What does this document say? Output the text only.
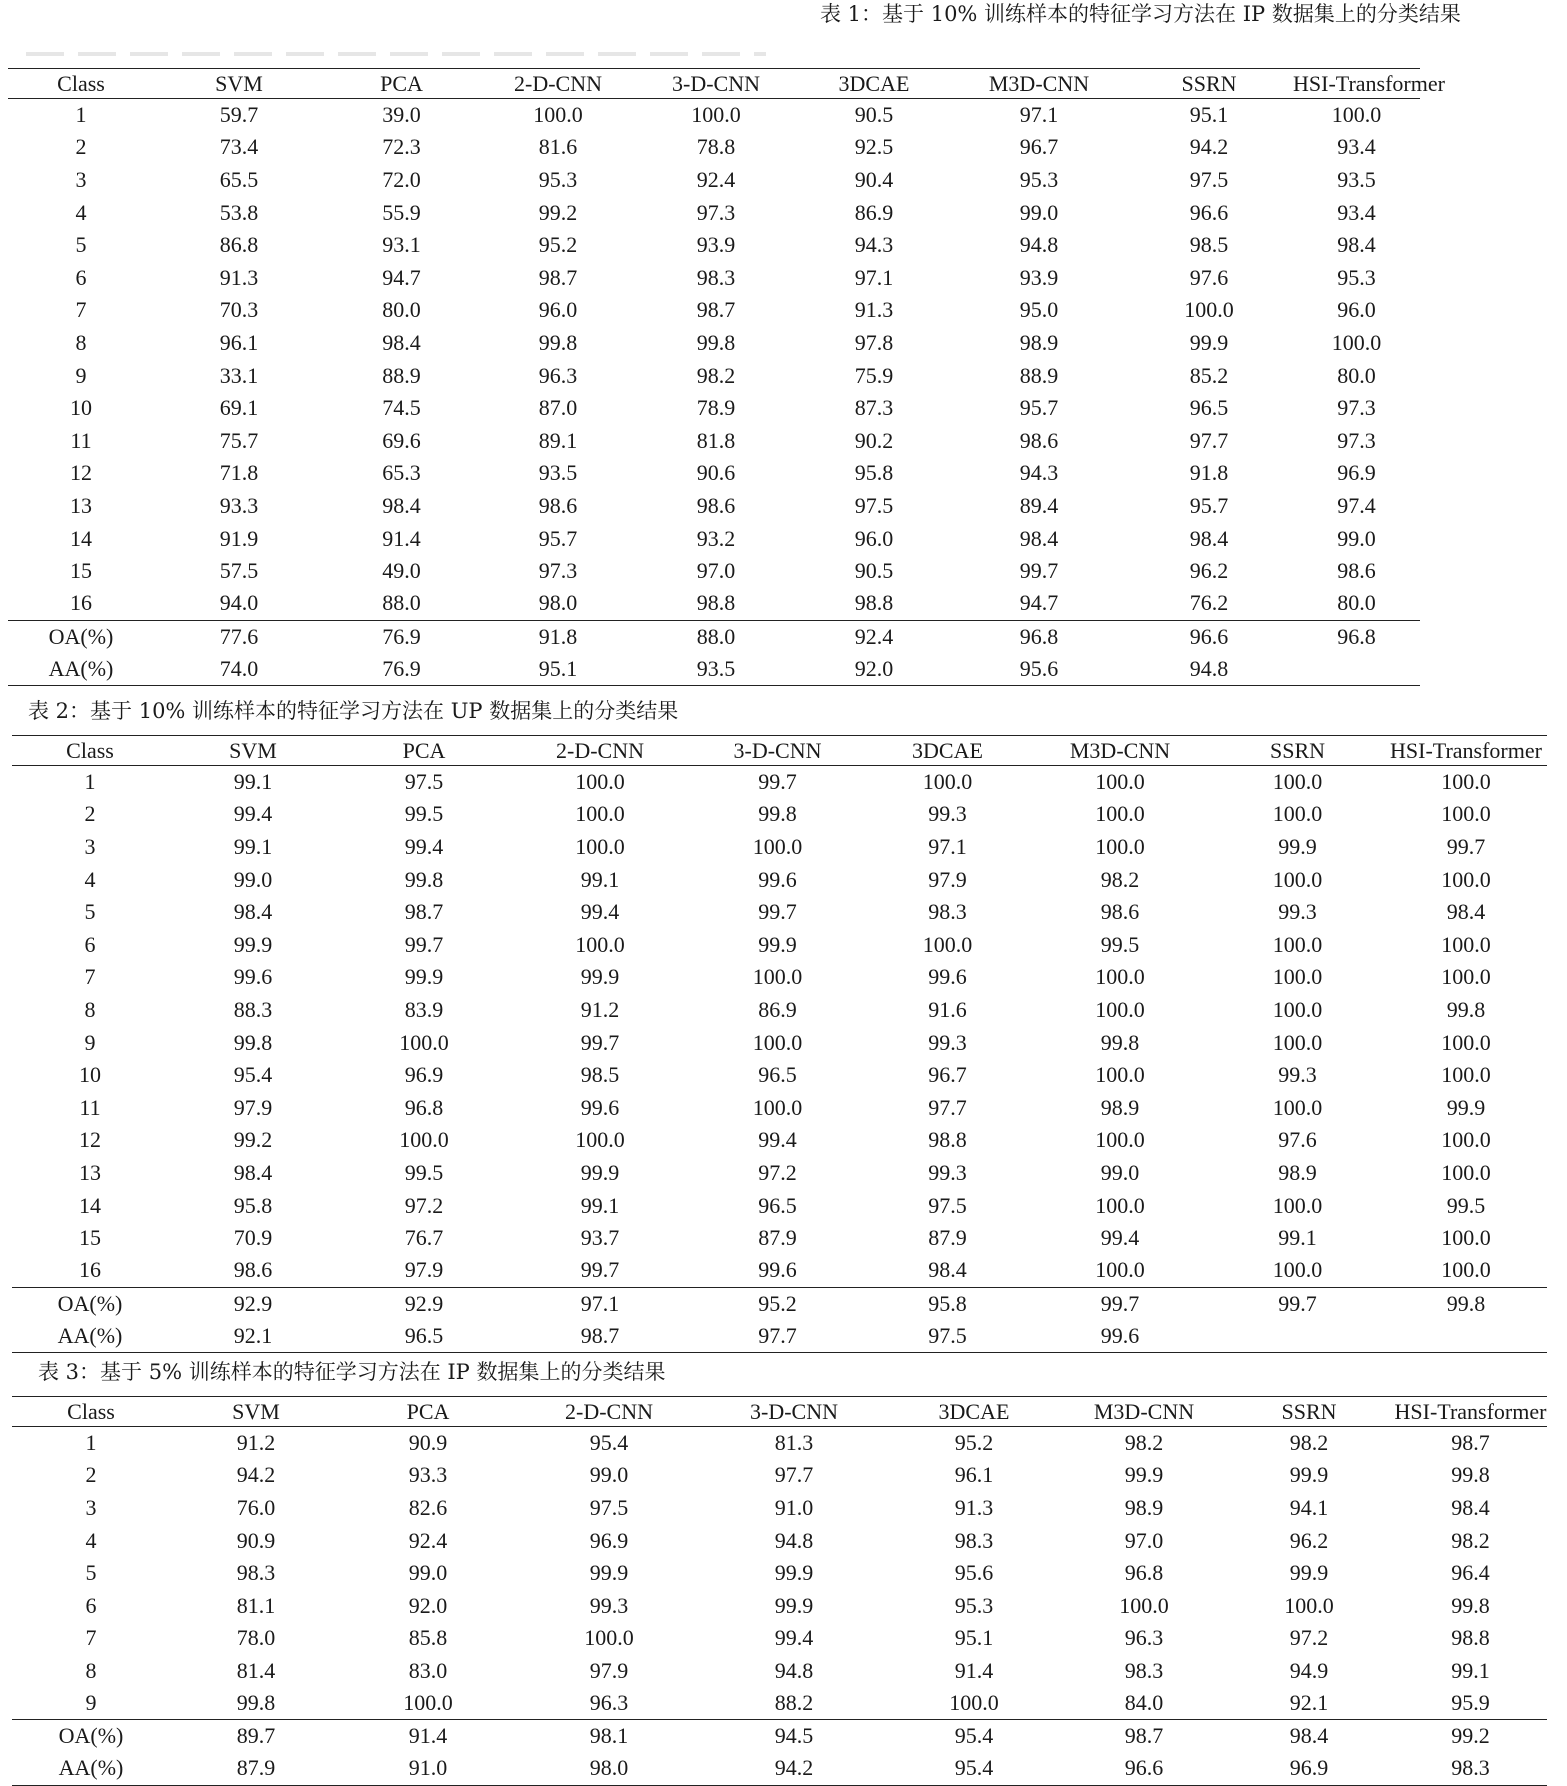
表 1：基于 10% 训练样本的特征学习方法在 IP 数据集上的分类结果
Class	SVM	PCA	2-D-CNN	3-D-CNN	3DCAE	M3D-CNN	SSRN	HSI-Transformer
1	59.7	39.0	100.0	100.0	90.5	97.1	95.1	100.0
2	73.4	72.3	81.6	78.8	92.5	96.7	94.2	93.4
3	65.5	72.0	95.3	92.4	90.4	95.3	97.5	93.5
4	53.8	55.9	99.2	97.3	86.9	99.0	96.6	93.4
5	86.8	93.1	95.2	93.9	94.3	94.8	98.5	98.4
6	91.3	94.7	98.7	98.3	97.1	93.9	97.6	95.3
7	70.3	80.0	96.0	98.7	91.3	95.0	100.0	96.0
8	96.1	98.4	99.8	99.8	97.8	98.9	99.9	100.0
9	33.1	88.9	96.3	98.2	75.9	88.9	85.2	80.0
10	69.1	74.5	87.0	78.9	87.3	95.7	96.5	97.3
11	75.7	69.6	89.1	81.8	90.2	98.6	97.7	97.3
12	71.8	65.3	93.5	90.6	95.8	94.3	91.8	96.9
13	93.3	98.4	98.6	98.6	97.5	89.4	95.7	97.4
14	91.9	91.4	95.7	93.2	96.0	98.4	98.4	99.0
15	57.5	49.0	97.3	97.0	90.5	99.7	96.2	98.6
16	94.0	88.0	98.0	98.8	98.8	94.7	76.2	80.0
OA(%)	77.6	76.9	91.8	88.0	92.4	96.8	96.6	96.8
AA(%)	74.0	76.9	95.1	93.5	92.0	95.6	94.8	
表 2：基于 10% 训练样本的特征学习方法在 UP 数据集上的分类结果
Class	SVM	PCA	2-D-CNN	3-D-CNN	3DCAE	M3D-CNN	SSRN	HSI-Transformer
1	99.1	97.5	100.0	99.7	100.0	100.0	100.0	100.0
2	99.4	99.5	100.0	99.8	99.3	100.0	100.0	100.0
3	99.1	99.4	100.0	100.0	97.1	100.0	99.9	99.7
4	99.0	99.8	99.1	99.6	97.9	98.2	100.0	100.0
5	98.4	98.7	99.4	99.7	98.3	98.6	99.3	98.4
6	99.9	99.7	100.0	99.9	100.0	99.5	100.0	100.0
7	99.6	99.9	99.9	100.0	99.6	100.0	100.0	100.0
8	88.3	83.9	91.2	86.9	91.6	100.0	100.0	99.8
9	99.8	100.0	99.7	100.0	99.3	99.8	100.0	100.0
10	95.4	96.9	98.5	96.5	96.7	100.0	99.3	100.0
11	97.9	96.8	99.6	100.0	97.7	98.9	100.0	99.9
12	99.2	100.0	100.0	99.4	98.8	100.0	97.6	100.0
13	98.4	99.5	99.9	97.2	99.3	99.0	98.9	100.0
14	95.8	97.2	99.1	96.5	97.5	100.0	100.0	99.5
15	70.9	76.7	93.7	87.9	87.9	99.4	99.1	100.0
16	98.6	97.9	99.7	99.6	98.4	100.0	100.0	100.0
OA(%)	92.9	92.9	97.1	95.2	95.8	99.7	99.7	99.8
AA(%)	92.1	96.5	98.7	97.7	97.5	99.6		
表 3：基于 5% 训练样本的特征学习方法在 IP 数据集上的分类结果
Class	SVM	PCA	2-D-CNN	3-D-CNN	3DCAE	M3D-CNN	SSRN	HSI-Transformer
1	91.2	90.9	95.4	81.3	95.2	98.2	98.2	98.7
2	94.2	93.3	99.0	97.7	96.1	99.9	99.9	99.8
3	76.0	82.6	97.5	91.0	91.3	98.9	94.1	98.4
4	90.9	92.4	96.9	94.8	98.3	97.0	96.2	98.2
5	98.3	99.0	99.9	99.9	95.6	96.8	99.9	96.4
6	81.1	92.0	99.3	99.9	95.3	100.0	100.0	99.8
7	78.0	85.8	100.0	99.4	95.1	96.3	97.2	98.8
8	81.4	83.0	97.9	94.8	91.4	98.3	94.9	99.1
9	99.8	100.0	96.3	88.2	100.0	84.0	92.1	95.9
OA(%)	89.7	91.4	98.1	94.5	95.4	98.7	98.4	99.2
AA(%)	87.9	91.0	98.0	94.2	95.4	96.6	96.9	98.3
